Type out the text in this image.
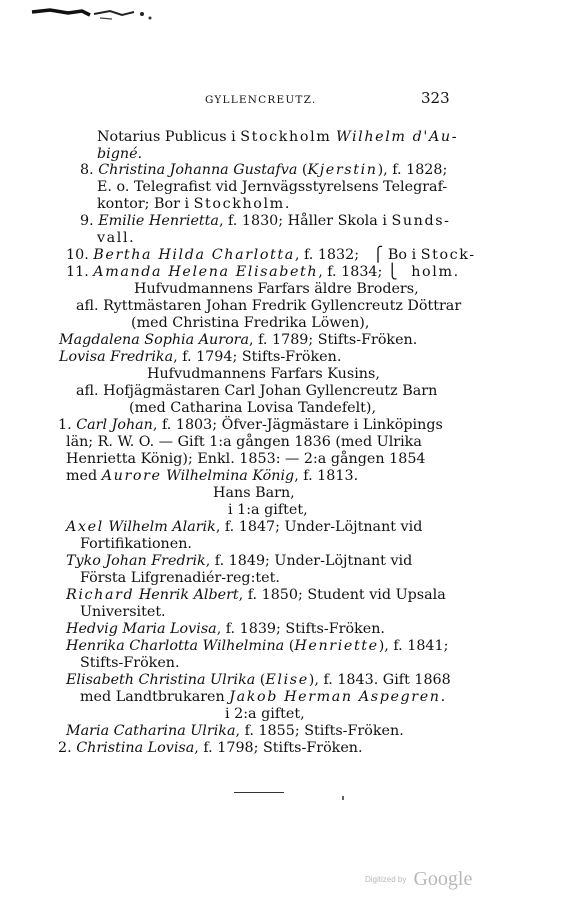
GYLLENCREUTZ.	323
Notarius Publicus i Stockholm Wilhelm d'Au-
bigné.
8. Christina Johanna Gustafva (Kjerstin), f. 1828;
E. o. Telegrafist vid Jernvägsstyrelsens Telegraf-
kontor; Bor i Stockholm.
9. Emilie Henrietta, f. 1830; Håller Skola i Sunds-
vall.
10. Bertha Hilda Charlotta, f. 1832;   ⎧ Bo i Stock-
11. Amanda Helena Elisabeth, f. 1834; ⎩   holm.
Hufvudmannens Farfars äldre Broders,
afl. Ryttmästaren Johan Fredrik Gyllencreutz Döttrar
(med Christina Fredrika Löwen),
Magdalena Sophia Aurora, f. 1789; Stifts-Fröken.
Lovisa Fredrika, f. 1794; Stifts-Fröken.
Hufvudmannens Farfars Kusins,
afl. Hofjägmästaren Carl Johan Gyllencreutz Barn
(med Catharina Lovisa Tandefelt),
1. Carl Johan, f. 1803; Öfver-Jägmästare i Linköpings
län; R. W. O. — Gift 1:a gången 1836 (med Ulrika
Henrietta König); Enkl. 1853: — 2:a gången 1854
med Aurore Wilhelmina König, f. 1813.
Hans Barn,
i 1:a giftet,
Axel Wilhelm Alarik, f. 1847; Under-Löjtnant vid
Fortifikationen.
Tyko Johan Fredrik, f. 1849; Under-Löjtnant vid
Första Lifgrenadiér-reg:tet.
Richard Henrik Albert, f. 1850; Student vid Upsala
Universitet.
Hedvig Maria Lovisa, f. 1839; Stifts-Fröken.
Henrika Charlotta Wilhelmina (Henriette), f. 1841;
Stifts-Fröken.
Elisabeth Christina Ulrika (Elise), f. 1843. Gift 1868
med Landtbrukaren Jakob Herman Aspegren.
i 2:a giftet,
Maria Catharina Ulrika, f. 1855; Stifts-Fröken.
2. Christina Lovisa, f. 1798; Stifts-Fröken.
Digitized by Google
